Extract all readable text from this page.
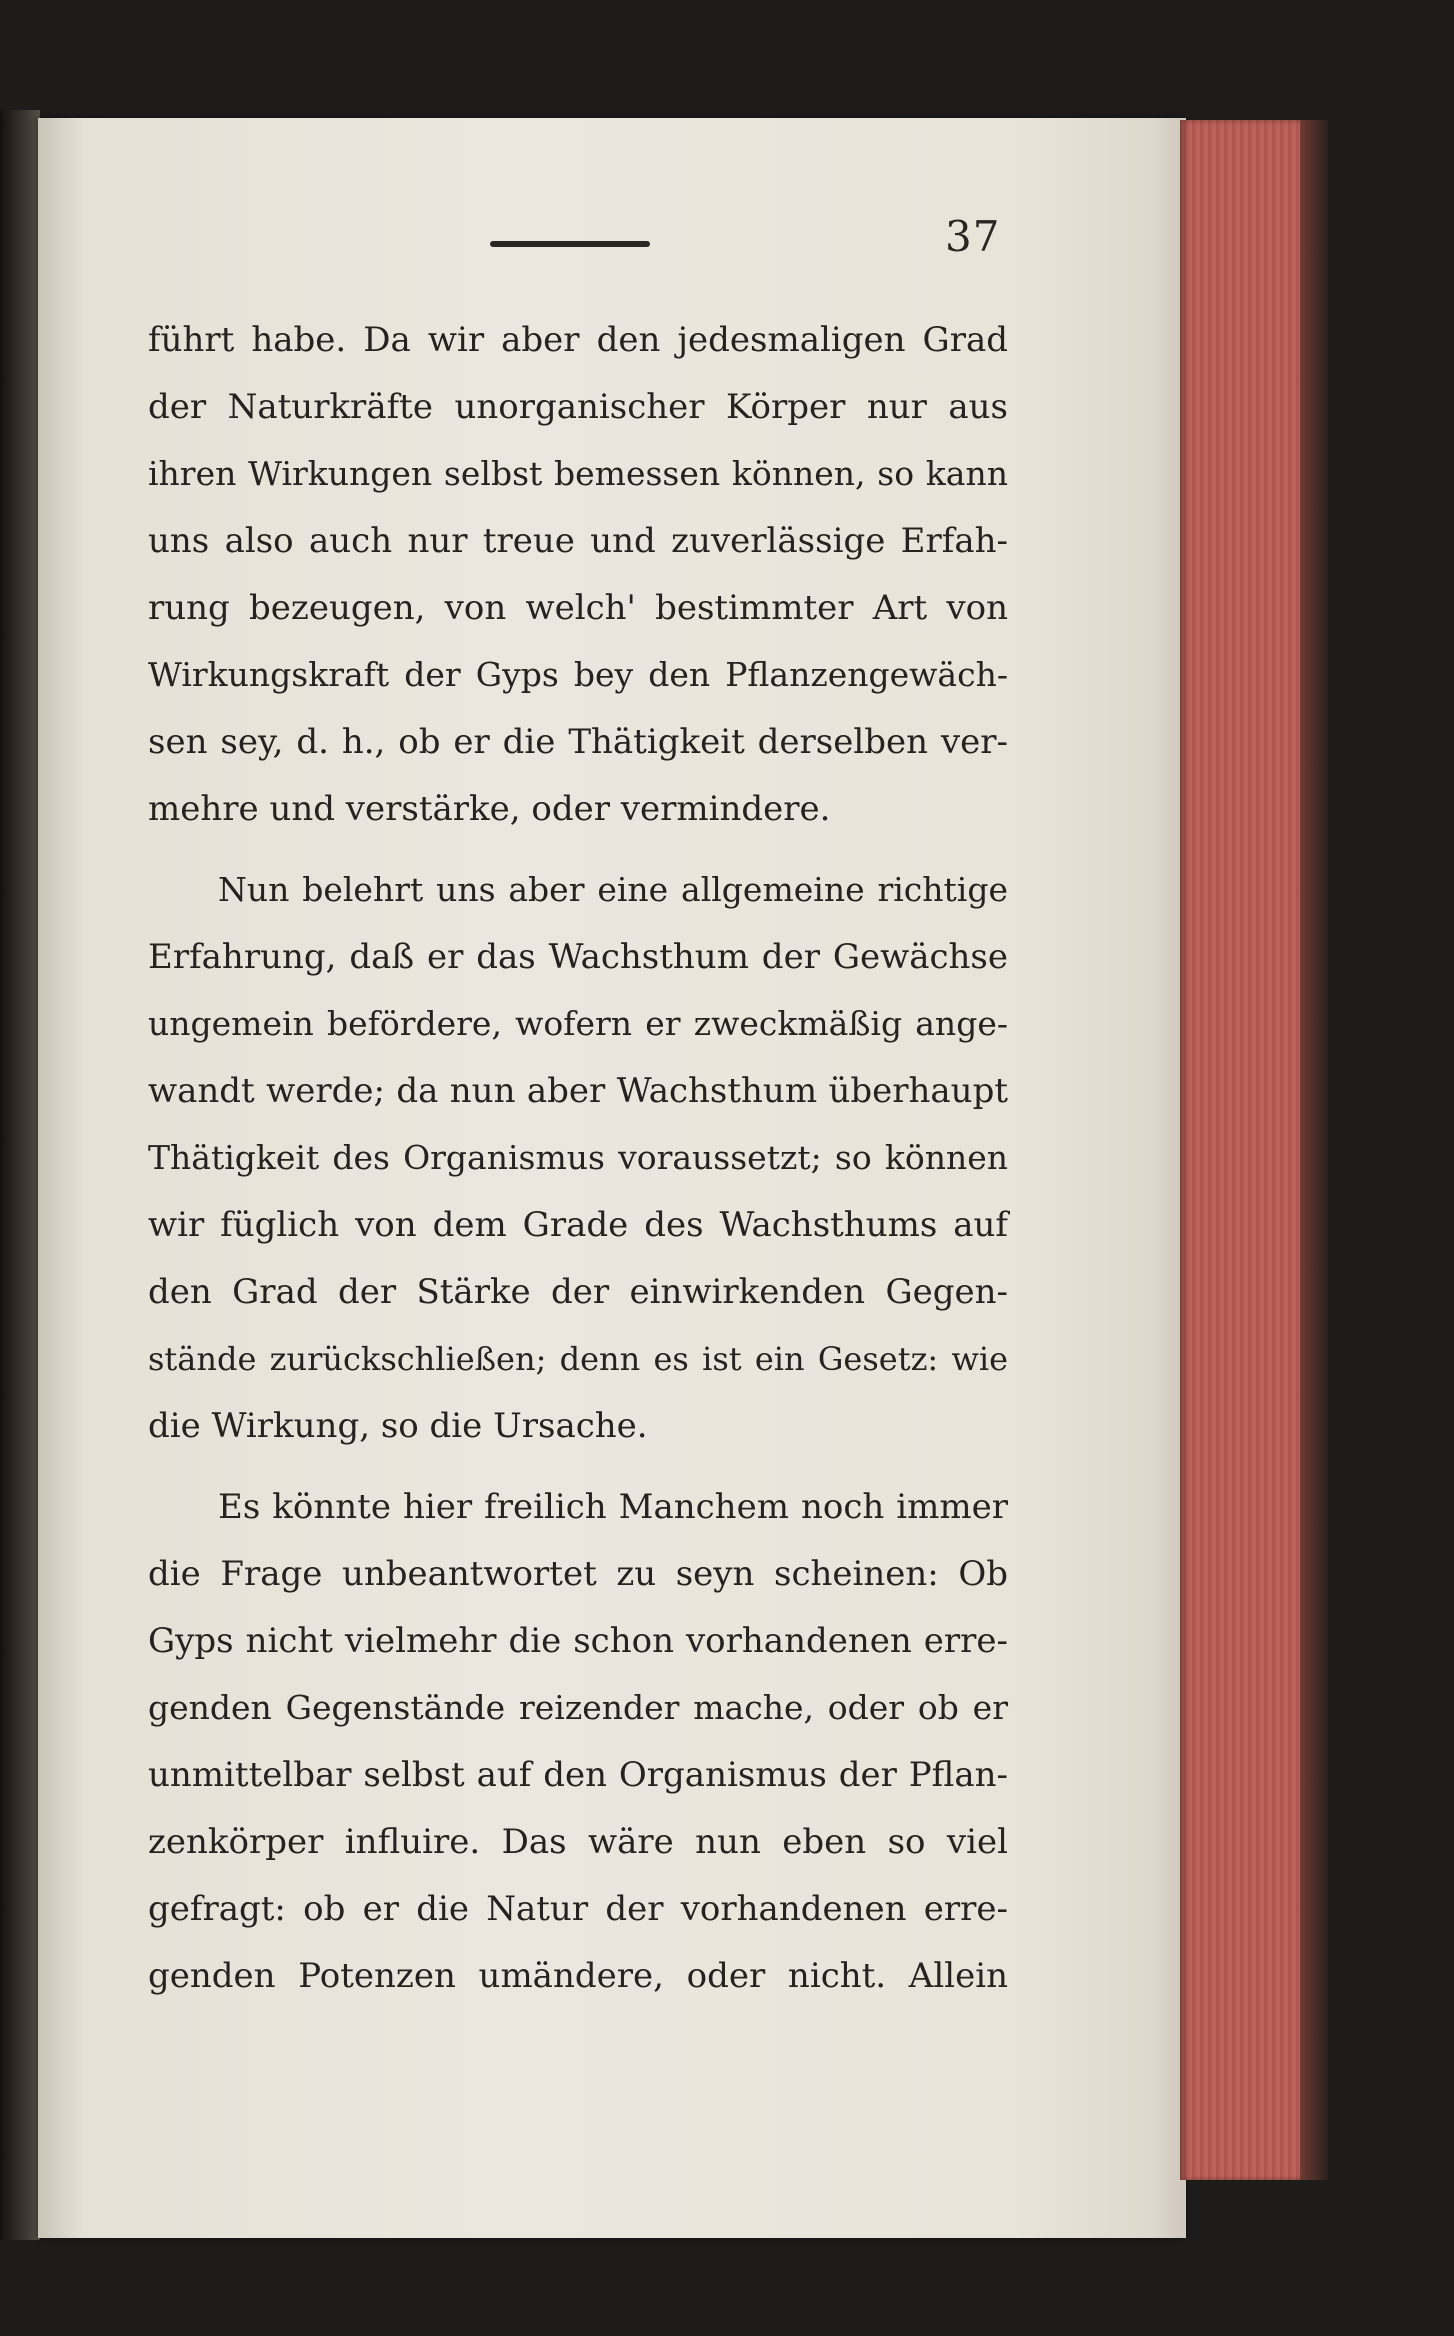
37
führt habe. Da wir aber den jedesmaligen Grad
der Naturkräfte unorganischer Körper nur aus
ihren Wirkungen selbst bemessen können, so kann
uns also auch nur treue und zuverlässige Erfah-
rung bezeugen, von welch' bestimmter Art von
Wirkungskraft der Gyps bey den Pflanzengewäch-
sen sey, d. h., ob er die Thätigkeit derselben ver-
mehre und verstärke, oder vermindere.
Nun belehrt uns aber eine allgemeine richtige
Erfahrung, daß er das Wachsthum der Gewächse
ungemein befördere, wofern er zweckmäßig ange-
wandt werde; da nun aber Wachsthum überhaupt
Thätigkeit des Organismus voraussetzt; so können
wir füglich von dem Grade des Wachsthums auf
den Grad der Stärke der einwirkenden Gegen-
stände zurückschließen; denn es ist ein Gesetz: wie
die Wirkung, so die Ursache.
Es könnte hier freilich Manchem noch immer
die Frage unbeantwortet zu seyn scheinen: Ob
Gyps nicht vielmehr die schon vorhandenen erre-
genden Gegenstände reizender mache, oder ob er
unmittelbar selbst auf den Organismus der Pflan-
zenkörper influire. Das wäre nun eben so viel
gefragt: ob er die Natur der vorhandenen erre-
genden Potenzen umändere, oder nicht. Allein
